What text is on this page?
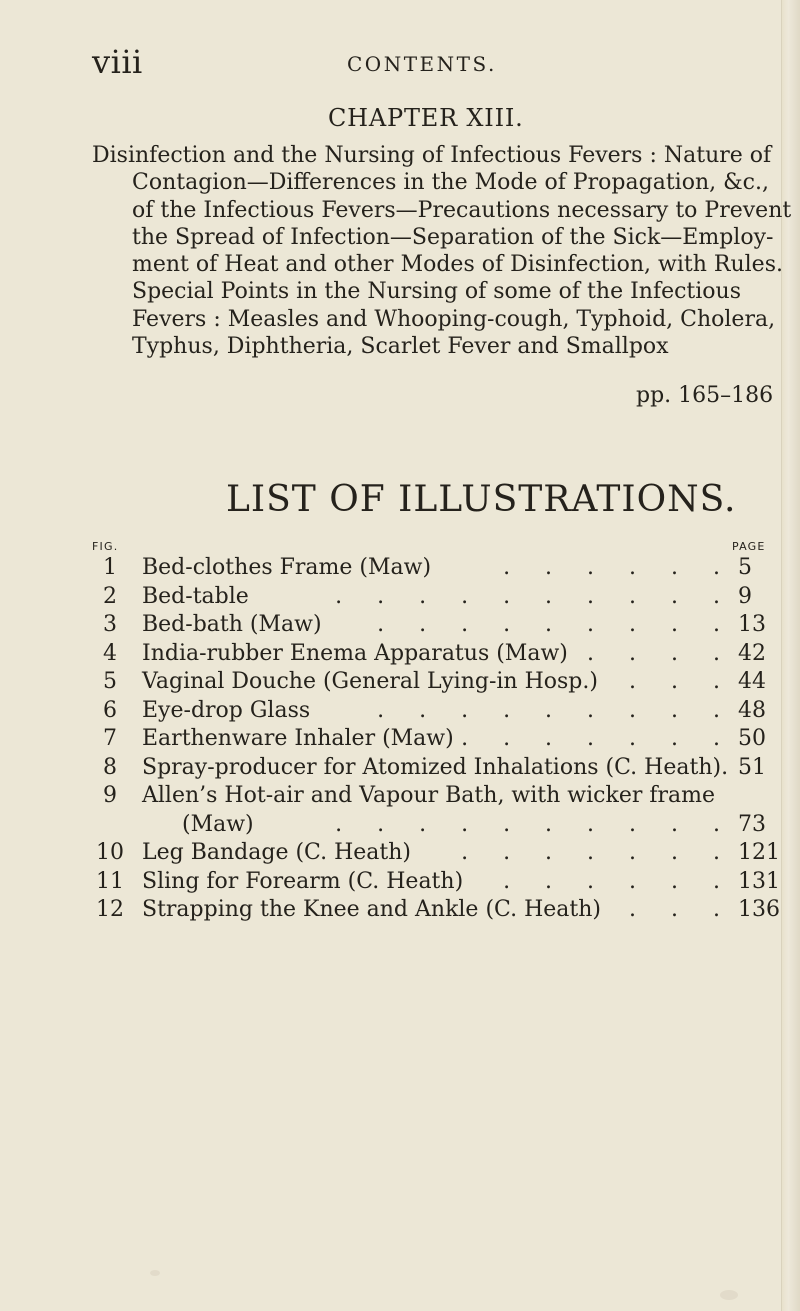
viii	CONTENTS.
CHAPTER XIII.
Disinfection and the Nursing of Infectious Fevers : Nature of
Contagion—Differences in the Mode of Propagation, &c.,
of the Infectious Fevers—Precautions necessary to Prevent
the Spread of Infection—Separation of the Sick—Employ-
ment of Heat and other Modes of Disinfection, with Rules.
Special Points in the Nursing of some of the Infectious
Fevers : Measles and Whooping-cough, Typhoid, Cholera,
Typhus, Diphtheria, Scarlet Fever and Smallpox
pp. 165–186
LIST OF ILLUSTRATIONS.
FIG.	PAGE
1	Bed-clothes Frame (Maw)	. . . . . . 5
2	Bed-table	. . . . . . . . . . 9
3	Bed-bath (Maw)	. . . . . . . . . 13
4	India-rubber Enema Apparatus (Maw) . . . . 42
5	Vaginal Douche (General Lying-in Hosp.) . . . 44
6	Eye-drop Glass	. . . . . . . . . 48
7	Earthenware Inhaler (Maw) . . . . . . . 50
8	Spray-producer for Atomized Inhalations (C. Heath). 51
9	Allen’s Hot-air and Vapour Bath, with wicker frame
(Maw)	. . . . . . . . . . 73
10 Leg Bandage (C. Heath) . . . . . . . 121
11 Sling for Forearm (C. Heath) . . . . . . 131
12 Strapping the Knee and Ankle (C. Heath) . . . 136
